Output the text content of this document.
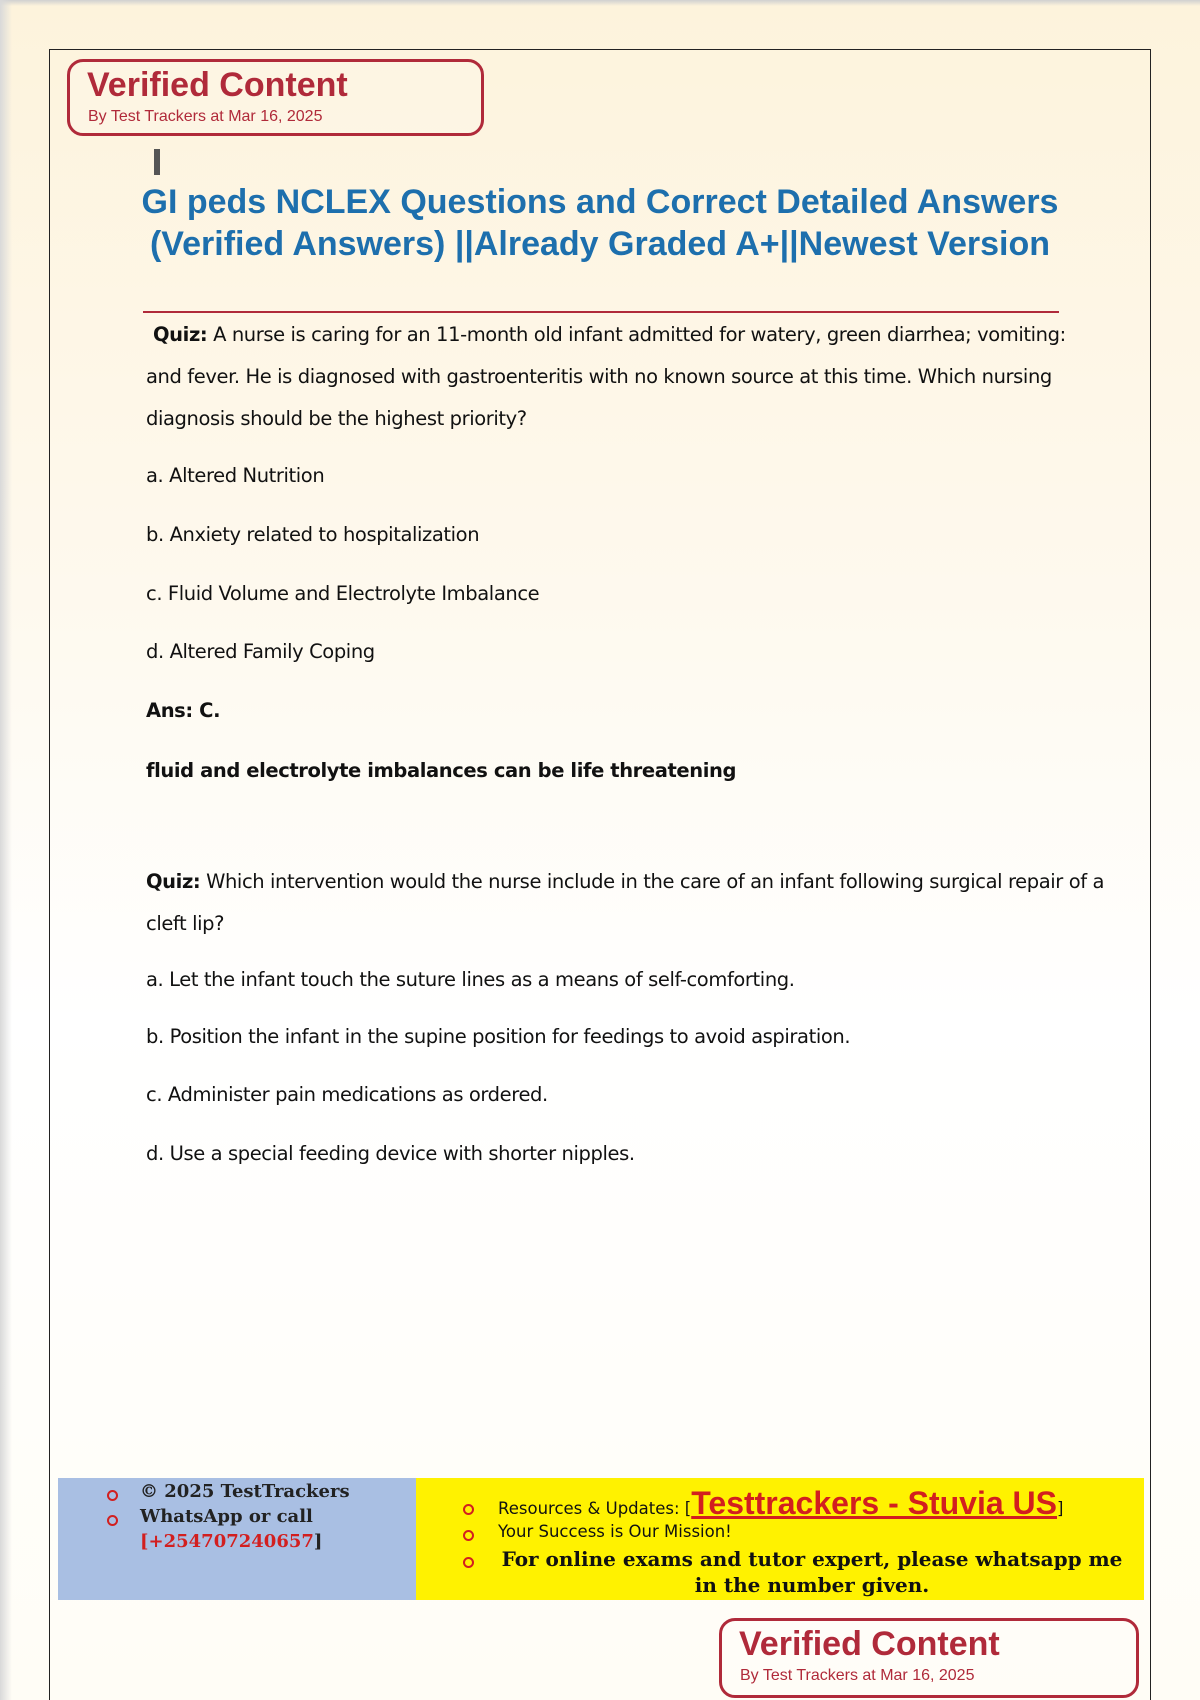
Verified Content
By Test Trackers at Mar 16, 2025
GI peds NCLEX Questions and Correct Detailed Answers (Verified Answers) ||Already Graded A+||Newest Version
Quiz: A nurse is caring for an 11-month old infant admitted for watery, green diarrhea; vomiting: and fever. He is diagnosed with gastroenteritis with no known source at this time. Which nursing diagnosis should be the highest priority?
a. Altered Nutrition
b. Anxiety related to hospitalization
c. Fluid Volume and Electrolyte Imbalance
d. Altered Family Coping
Ans: C.
fluid and electrolyte imbalances can be life threatening
Quiz: Which intervention would the nurse include in the care of an infant following surgical repair of a cleft lip?
a. Let the infant touch the suture lines as a means of self-comforting.
b. Position the infant in the supine position for feedings to avoid aspiration.
c. Administer pain medications as ordered.
d. Use a special feeding device with shorter nipples.
© 2025 TestTrackers
WhatsApp or call
[+254707240657]
Resources & Updates: [Testtrackers - Stuvia US]
Your Success is Our Mission!
For online exams and tutor expert, please whatsapp me in the number given.
Verified Content
By Test Trackers at Mar 16, 2025
